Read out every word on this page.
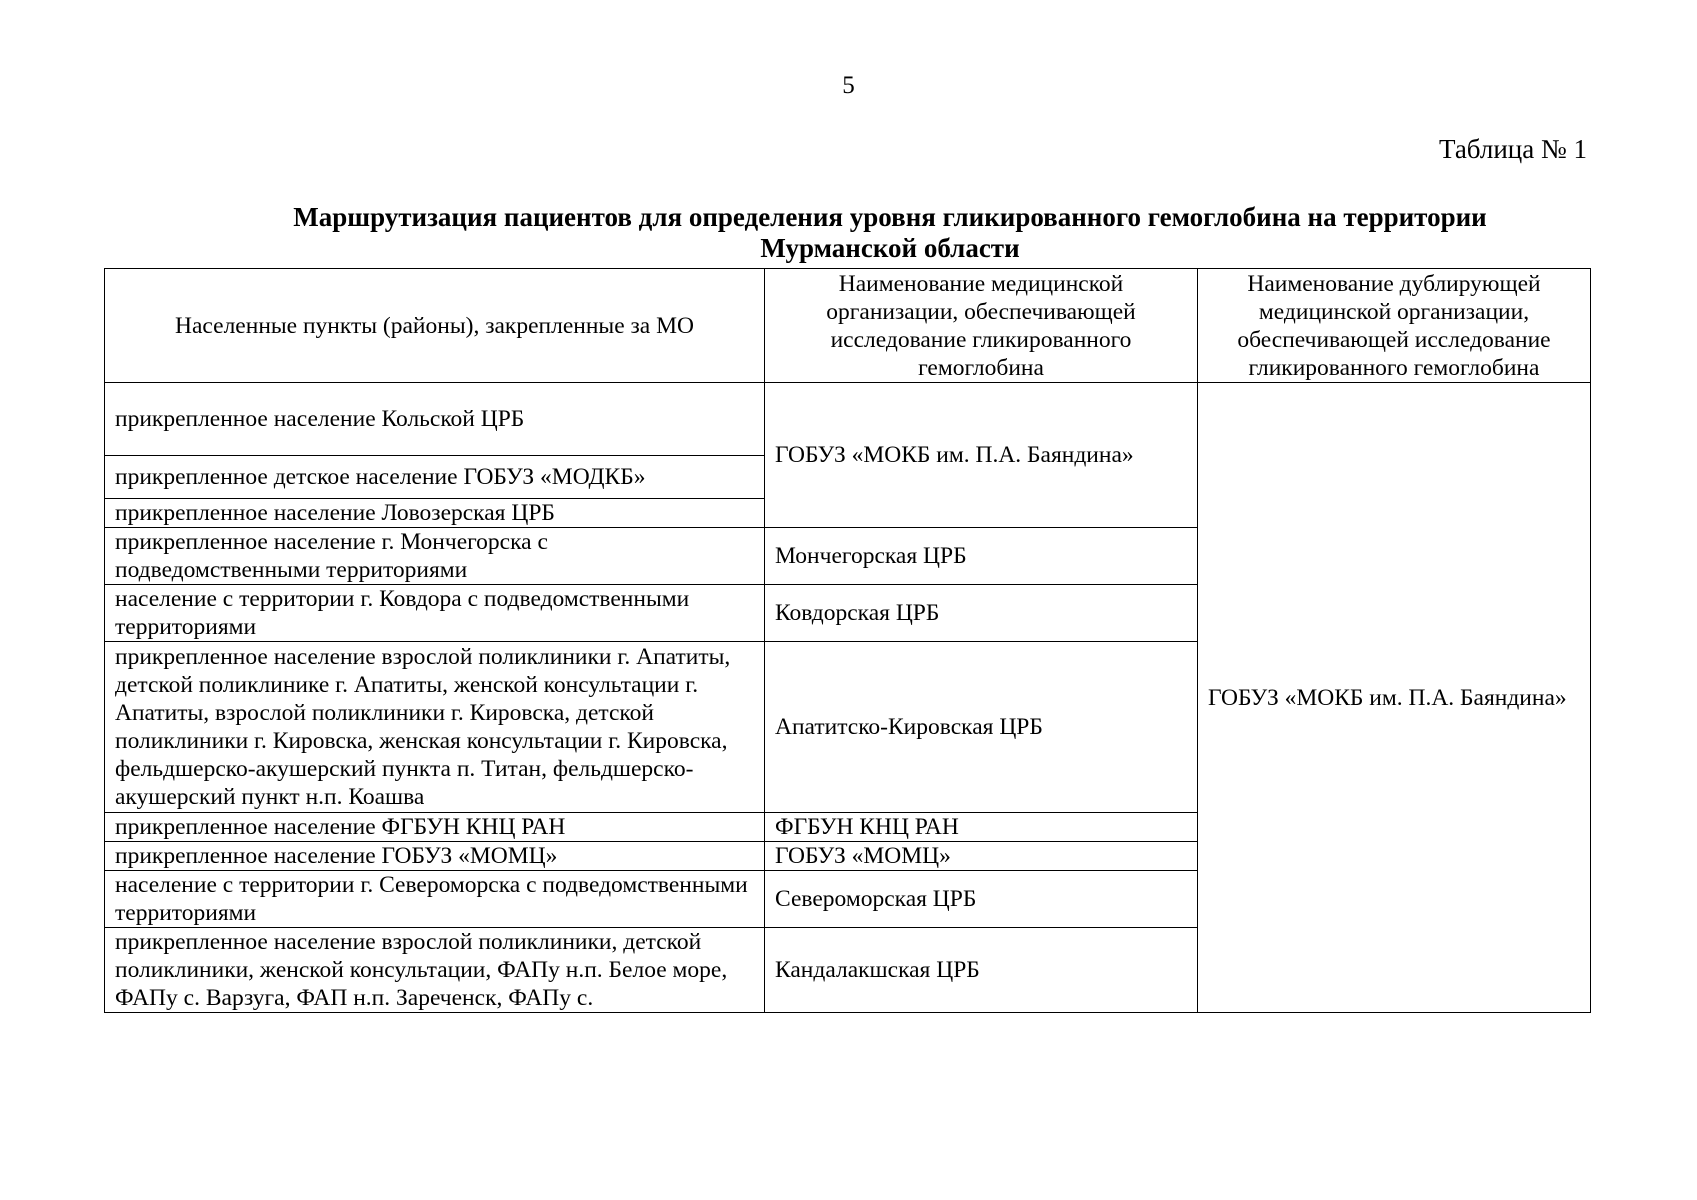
5
Таблица № 1
Маршрутизация пациентов для определения уровня гликированного гемоглобина на территории Мурманской области
Населенные пункты (районы), закрепленные за МО	Наименование медицинской организации, обеспечивающей исследование гликированного гемоглобина	Наименование дублирующей медицинской организации, обеспечивающей исследование гликированного гемоглобина
прикрепленное население Кольской ЦРБ	ГОБУЗ «МОКБ им. П.А. Баяндина»	ГОБУЗ «МОКБ им. П.А. Баяндина»
прикрепленное детское население ГОБУЗ «МОДКБ»		
прикрепленное население Ловозерская ЦРБ		
прикрепленное население г. Мончегорска с подведомственными территориями	Мончегорская ЦРБ	
население с территории г. Ковдора с подведомственными территориями	Ковдорская ЦРБ	
прикрепленное население взрослой поликлиники г. Апатиты, детской поликлинике г. Апатиты, женской консультации г. Апатиты, взрослой поликлиники г. Кировска, детской поликлиники г. Кировска, женская консультации г. Кировска, фельдшерско-акушерский пункта п. Титан, фельдшерско-акушерский пункт н.п. Коашва	Апатитско-Кировская ЦРБ	
прикрепленное население ФГБУН КНЦ РАН	ФГБУН КНЦ РАН	
прикрепленное население ГОБУЗ «МОМЦ»	ГОБУЗ «МОМЦ»	
население с территории г. Североморска с подведомственными территориями	Североморская ЦРБ	
прикрепленное население взрослой поликлиники, детской поликлиники, женской консультации, ФАПу н.п. Белое море, ФАПу с. Варзуга, ФАП н.п. Зареченск, ФАПу с.	Кандалакшская ЦРБ	
